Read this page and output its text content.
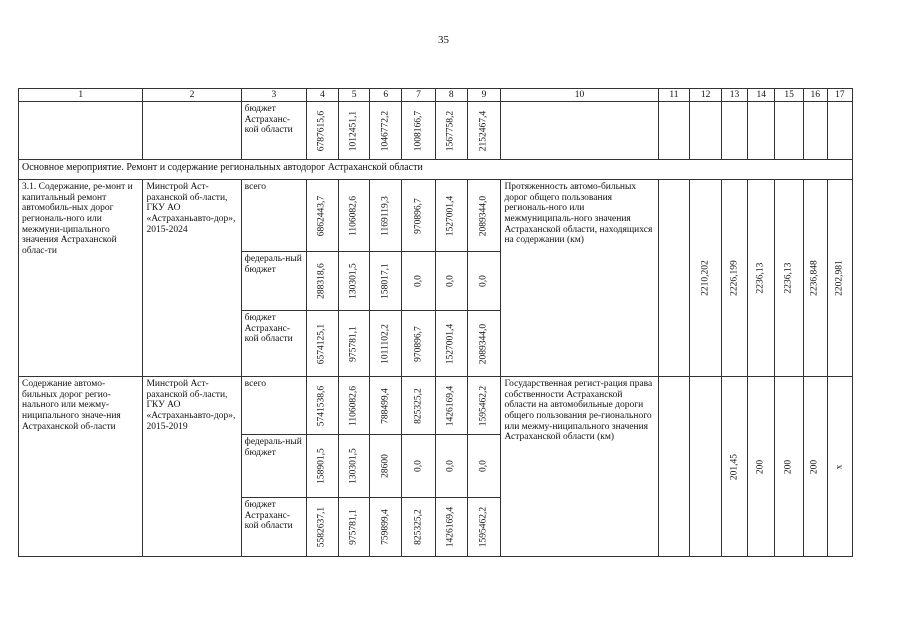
35
1	2	3	4	5	6	7	8	9	10	11	12	13	14	15	16	17
		бюджет Астраханс-кой области	6787615,6	1012451,1	1046772,2	1008166,7	1567758,2	2152467,4								

Основное мероприятие. Ремонт и содержание региональных автодорог Астраханской области																
3.1. Содержание, ре-монт и капитальный ремонт автомобиль-ных дорог региональ-ного или межмуни-ципального значения Астраханской облас-ти	Минстрой Аст-раханской об-ласти, ГКУ АО «Астраханьавто-дор», 2015-2024	всего	6862443,7	1106082,6	1169119,3	970896,7	1527001,4	2089344,0	Протяженность автомо-бильных дорог общего пользования региональ-ного или межмуниципаль-ного значения Астраханской области, находящихся на содержании (км)		2210,202	2226,199	2236,13	2236,13	2236,848	2202,981

		федераль-ный бюджет	288318,6	130301,5	158017,1	0,0	0,0	0,0								

		бюджет Астраханс-кой области	6574125,1	975781,1	1011102,2	970896,7	1527001,4	2089344,0								

Содержание автомо-бильных дорог регио-нального или межму-ниципального значе-ния Астраханской об-ласти	Минстрой Аст-раханской об-ласти, ГКУ АО «Астраханьавто-дор», 2015-2019	всего	5741538,6	1106082,6	788499,4	825325,2	1426169,4	1595462,2	Государственная регист-рация права собственности Астраханской области на автомобильные дороги общего пользования ре-гионального или межму-ниципального значения Астраханской области (км)			201,45	200	200	200	x

		федераль-ный бюджет	158901,5	130301,5	28600	0,0	0,0	0,0								

		бюджет Астраханс-кой области	5582637,1	975781,1	759899,4	825325,2	1426169,4	1595462,2								
